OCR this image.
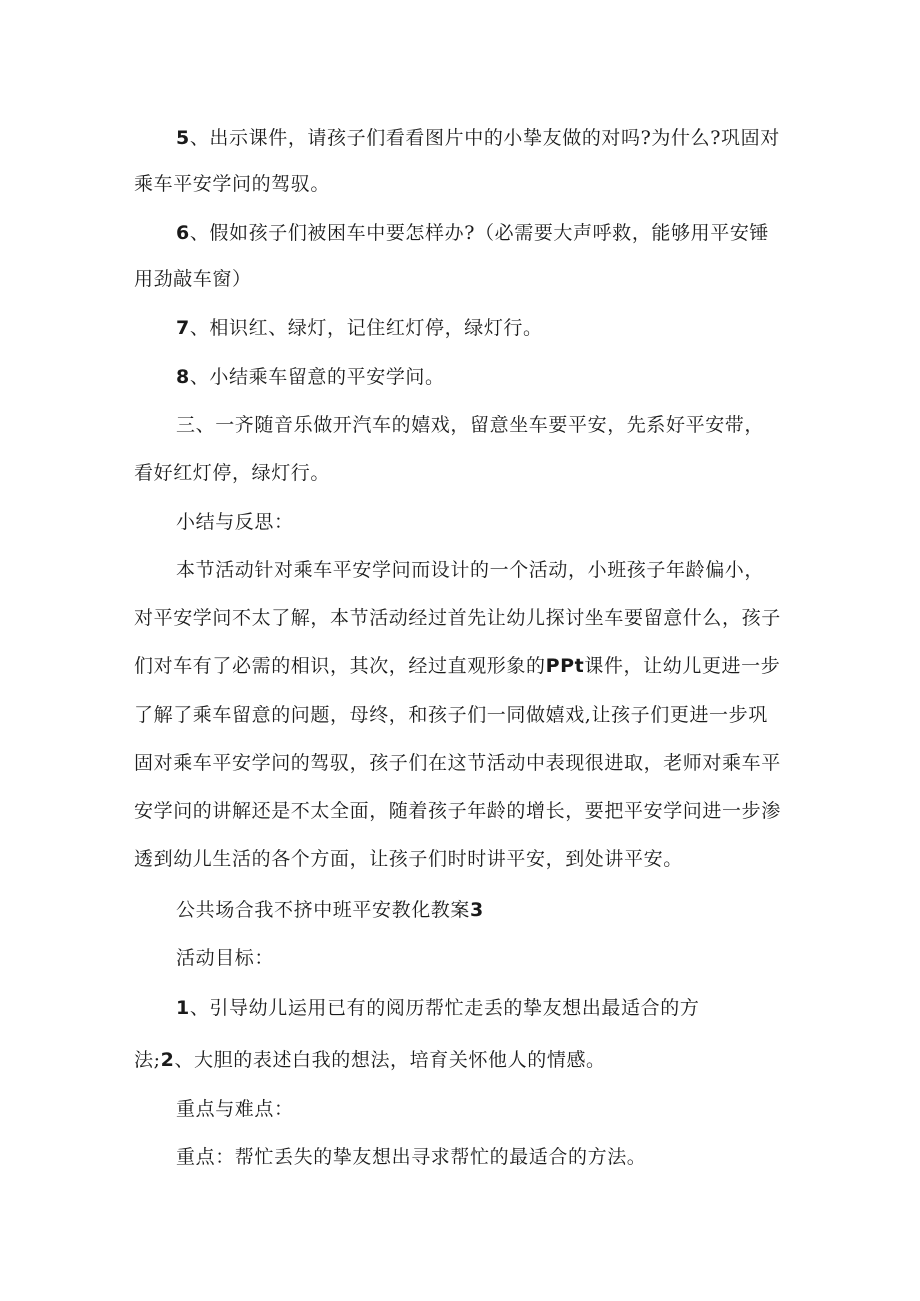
5、出示课件，请孩子们看看图片中的小挚友做的对吗?为什么?巩固对
乘车平安学问的驾驭。
6、假如孩子们被困车中要怎样办?（必需要大声呼救，能够用平安锤
用劲敲车窗）
7、相识红、绿灯，记住红灯停，绿灯行。
8、小结乘车留意的平安学问。
三、一齐随音乐做开汽车的嬉戏，留意坐车要平安，先系好平安带，
看好红灯停，绿灯行。
小结与反思：
本节活动针对乘车平安学问而设计的一个活动，小班孩子年龄偏小，
对平安学问不太了解，本节活动经过首先让幼儿探讨坐车要留意什么，孩子
们对车有了必需的相识，其次，经过直观形象的PPt课件，让幼儿更进一步
了解了乘车留意的问题，母终，和孩子们一同做嬉戏,让孩子们更进一步巩
固对乘车平安学问的驾驭，孩子们在这节活动中表现很进取，老师对乘车平
安学问的讲解还是不太全面，随着孩子年龄的增长，要把平安学问进一步渗
透到幼儿生活的各个方面，让孩子们时时讲平安，到处讲平安。
公共场合我不挤中班平安教化教案3
活动目标：
1、引导幼儿运用已有的阅历帮忙走丢的挚友想出最适合的方
法;2、大胆的表述白我的想法，培育关怀他人的情感。
重点与难点：
重点：帮忙丢失的挚友想出寻求帮忙的最适合的方法。
